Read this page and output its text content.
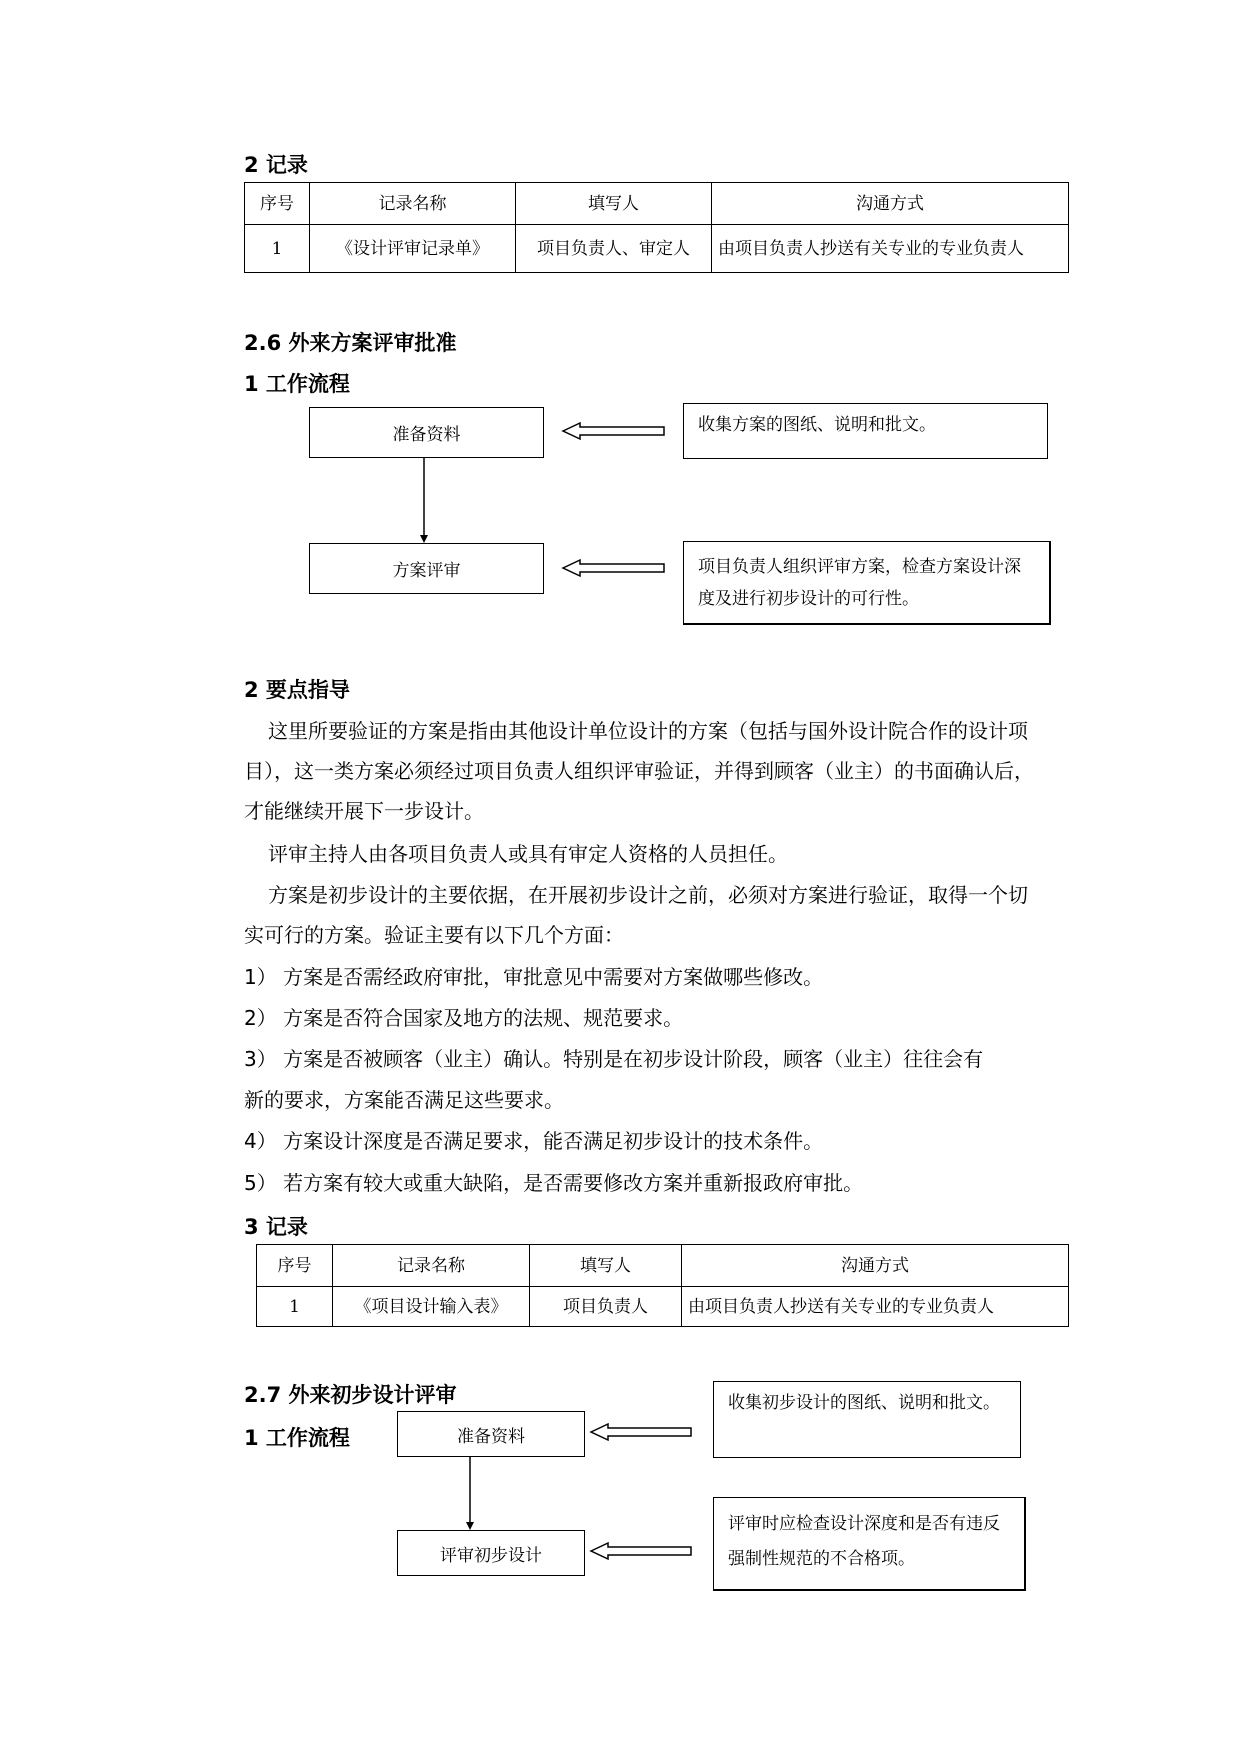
2 记录
序号	记录名称	填写人	沟通方式
1	《设计评审记录单》	项目负责人、审定人	由项目负责人抄送有关专业的专业负责人
2.6 外来方案评审批准
1 工作流程
准备资料
方案评审
收集方案的图纸、说明和批文。
项目负责人组织评审方案，检查方案设计深度及进行初步设计的可行性。
2 要点指导
这里所要验证的方案是指由其他设计单位设计的方案（包括与国外设计院合作的设计项目），这一类方案必须经过项目负责人组织评审验证，并得到顾客（业主）的书面确认后，才能继续开展下一步设计。
评审主持人由各项目负责人或具有审定人资格的人员担任。
方案是初步设计的主要依据，在开展初步设计之前，必须对方案进行验证，取得一个切实可行的方案。验证主要有以下几个方面：
1） 方案是否需经政府审批，审批意见中需要对方案做哪些修改。
2） 方案是否符合国家及地方的法规、规范要求。
3） 方案是否被顾客（业主）确认。特别是在初步设计阶段，顾客（业主）往往会有
新的要求，方案能否满足这些要求。
4） 方案设计深度是否满足要求，能否满足初步设计的技术条件。
5） 若方案有较大或重大缺陷，是否需要修改方案并重新报政府审批。
3 记录
序号	记录名称	填写人	沟通方式
1	《项目设计输入表》	项目负责人	由项目负责人抄送有关专业的专业负责人
2.7 外来初步设计评审
1 工作流程	准备资料
评审初步设计
收集初步设计的图纸、说明和批文。
评审时应检查设计深度和是否有违反强制性规范的不合格项。
